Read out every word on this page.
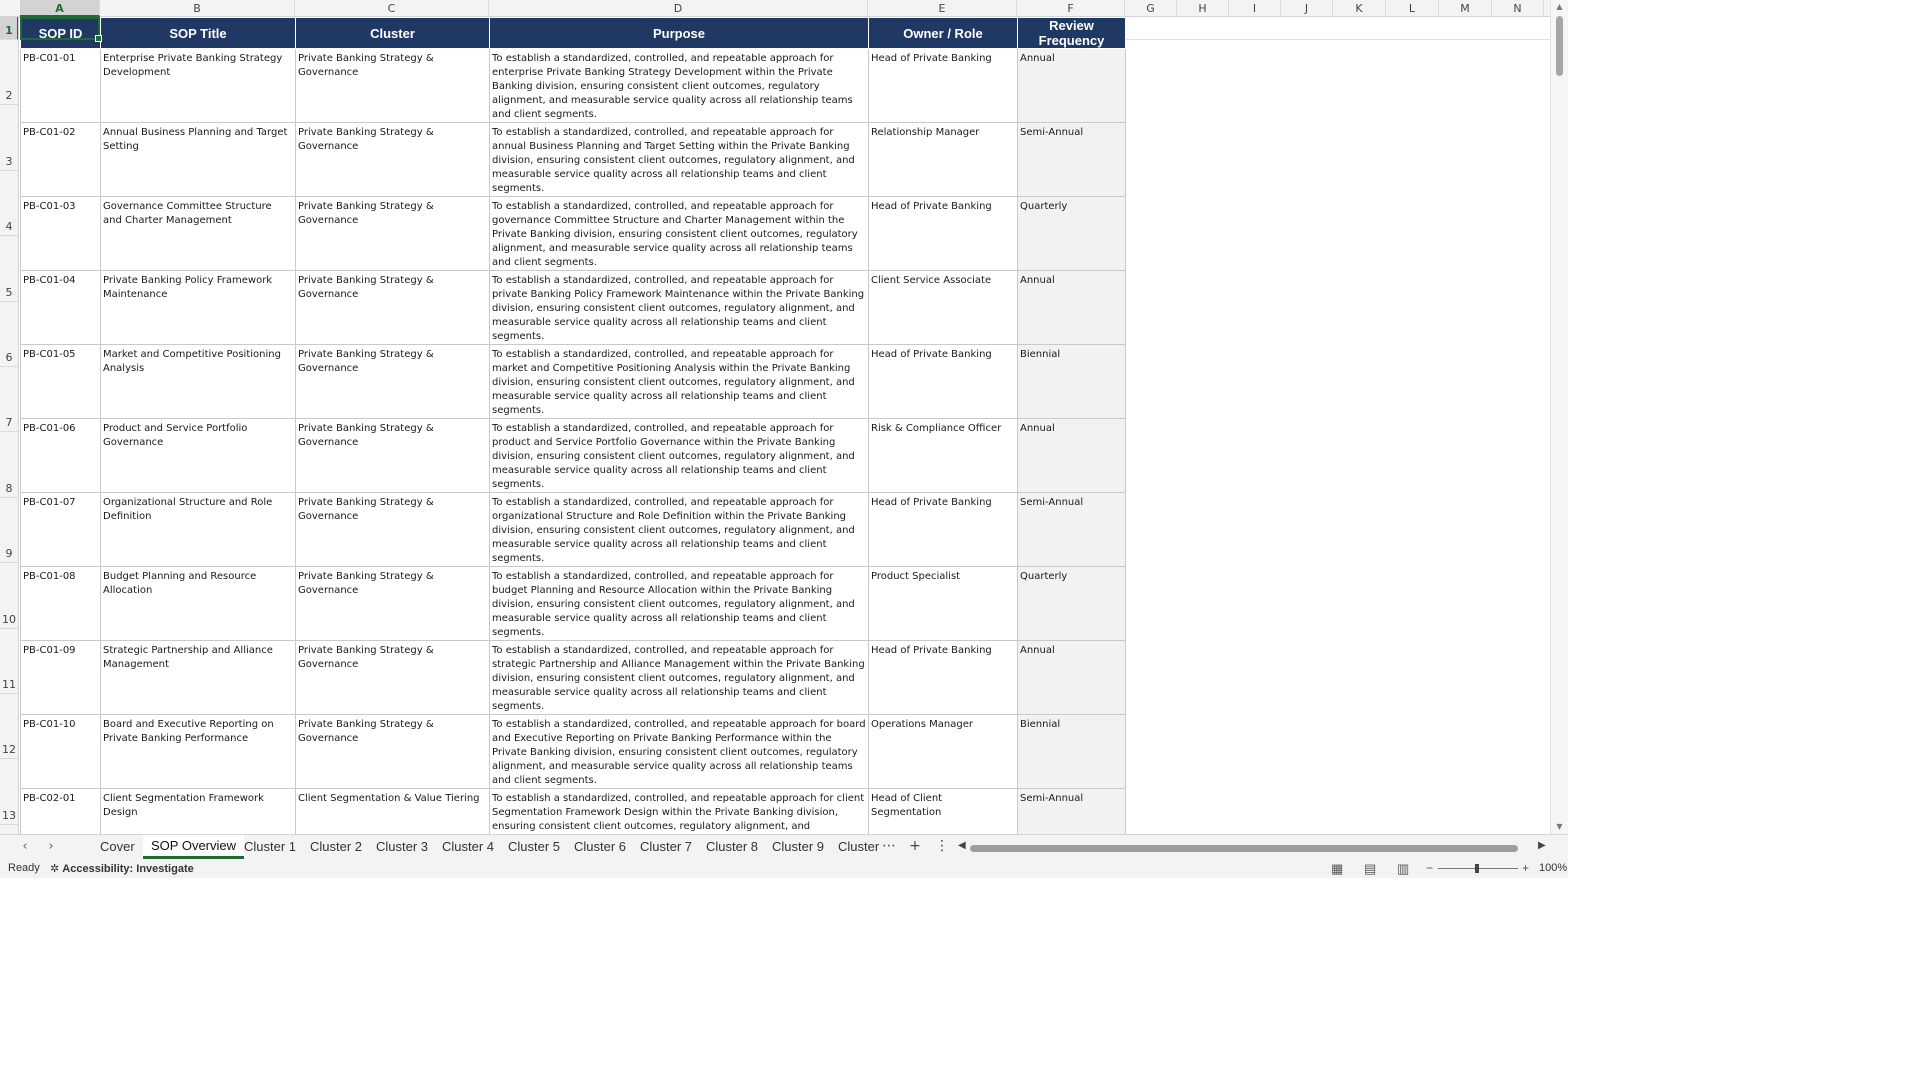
A	B	C	D	E	F	G	H	I	J	K	L	M	N
1
2
3
4
5
6
7
8
9
10
11
12
13
SOP ID	SOP Title	Cluster	Purpose	Owner / Role	Review Frequency
PB-C01-01	Enterprise Private Banking Strategy Development	Private Banking Strategy & Governance	To establish a standardized, controlled, and repeatable approach for enterprise Private Banking Strategy Development within the Private Banking division, ensuring consistent client outcomes, regulatory alignment, and measurable service quality across all relationship teams and client segments.	Head of Private Banking	Annual
PB-C01-02	Annual Business Planning and Target Setting	Private Banking Strategy & Governance	To establish a standardized, controlled, and repeatable approach for annual Business Planning and Target Setting within the Private Banking division, ensuring consistent client outcomes, regulatory alignment, and measurable service quality across all relationship teams and client segments.	Relationship Manager	Semi-Annual
PB-C01-03	Governance Committee Structure and Charter Management	Private Banking Strategy & Governance	To establish a standardized, controlled, and repeatable approach for governance Committee Structure and Charter Management within the Private Banking division, ensuring consistent client outcomes, regulatory alignment, and measurable service quality across all relationship teams and client segments.	Head of Private Banking	Quarterly
PB-C01-04	Private Banking Policy Framework Maintenance	Private Banking Strategy & Governance	To establish a standardized, controlled, and repeatable approach for private Banking Policy Framework Maintenance within the Private Banking division, ensuring consistent client outcomes, regulatory alignment, and measurable service quality across all relationship teams and client segments.	Client Service Associate	Annual
PB-C01-05	Market and Competitive Positioning Analysis	Private Banking Strategy & Governance	To establish a standardized, controlled, and repeatable approach for market and Competitive Positioning Analysis within the Private Banking division, ensuring consistent client outcomes, regulatory alignment, and measurable service quality across all relationship teams and client segments.	Head of Private Banking	Biennial
PB-C01-06	Product and Service Portfolio Governance	Private Banking Strategy & Governance	To establish a standardized, controlled, and repeatable approach for product and Service Portfolio Governance within the Private Banking division, ensuring consistent client outcomes, regulatory alignment, and measurable service quality across all relationship teams and client segments.	Risk & Compliance Officer	Annual
PB-C01-07	Organizational Structure and Role Definition	Private Banking Strategy & Governance	To establish a standardized, controlled, and repeatable approach for organizational Structure and Role Definition within the Private Banking division, ensuring consistent client outcomes, regulatory alignment, and measurable service quality across all relationship teams and client segments.	Head of Private Banking	Semi-Annual
PB-C01-08	Budget Planning and Resource Allocation	Private Banking Strategy & Governance	To establish a standardized, controlled, and repeatable approach for budget Planning and Resource Allocation within the Private Banking division, ensuring consistent client outcomes, regulatory alignment, and measurable service quality across all relationship teams and client segments.	Product Specialist	Quarterly
PB-C01-09	Strategic Partnership and Alliance Management	Private Banking Strategy & Governance	To establish a standardized, controlled, and repeatable approach for strategic Partnership and Alliance Management within the Private Banking division, ensuring consistent client outcomes, regulatory alignment, and measurable service quality across all relationship teams and client segments.	Head of Private Banking	Annual
PB-C01-10	Board and Executive Reporting on Private Banking Performance	Private Banking Strategy & Governance	To establish a standardized, controlled, and repeatable approach for board and Executive Reporting on Private Banking Performance within the Private Banking division, ensuring consistent client outcomes, regulatory alignment, and measurable service quality across all relationship teams and client segments.	Operations Manager	Biennial
PB-C02-01	Client Segmentation Framework Design	Client Segmentation & Value Tiering	To establish a standardized, controlled, and repeatable approach for client Segmentation Framework Design within the Private Banking division, ensuring consistent client outcomes, regulatory alignment, and	Head of Client Segmentation	Semi-Annual

▲
▼
‹	›	Cover	SOP Overview Cluster 1	Cluster 2	Cluster 3	Cluster 4	Cluster 5	Cluster 6	Cluster 7	Cluster 8	Cluster 9	Cluster ⋯ + ⋮ ◀	▶
Ready ✲ Accessibility: Investigate	▦ ▤ ▥ −	+ 100%
